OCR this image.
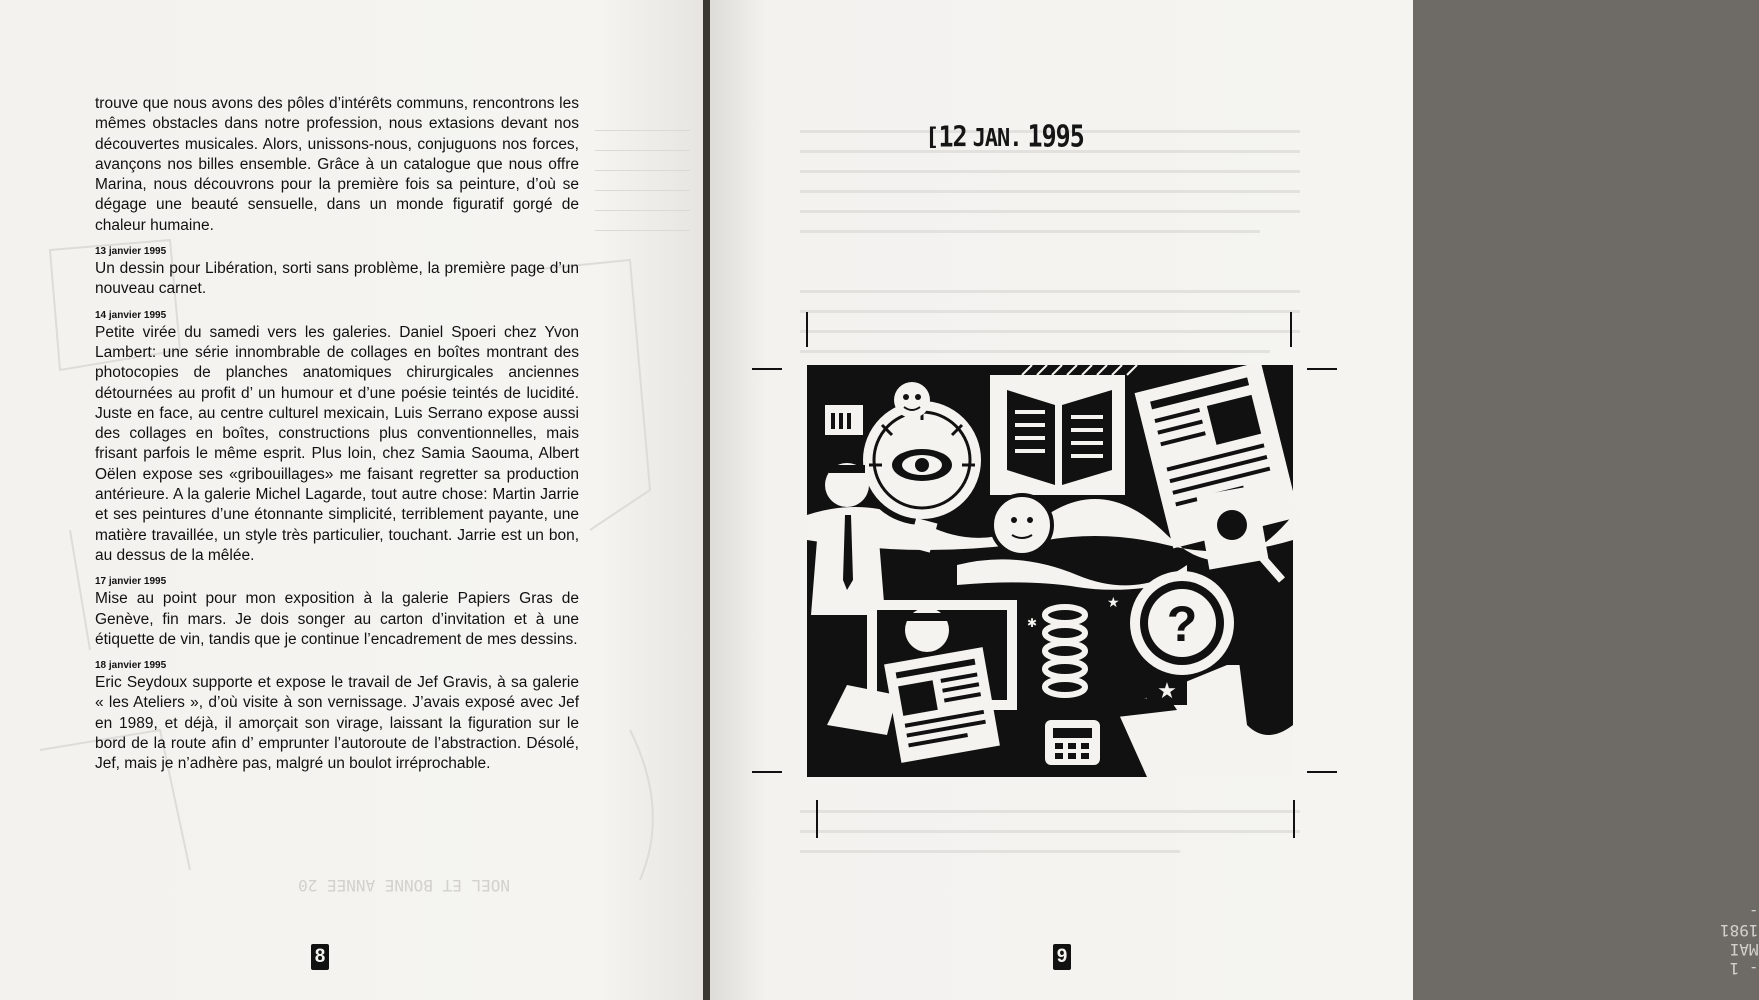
NOEL ET BONNE ANNEE 20

trouve que nous avons des pôles d’intérêts communs, rencontrons les mêmes obstacles dans notre profession, nous extasions devant nos découvertes musicales. Alors, unissons-nous, conjuguons nos forces, avançons nos billes ensemble. Grâce à un catalogue que nous offre Marina, nous découvrons pour la première fois sa peinture, d’où se dégage une beauté sensuelle, dans un monde figuratif gorgé de chaleur humaine.

13 janvier 1995

Un dessin pour Libération, sorti sans problème, la première page d’un nouveau carnet.

14 janvier 1995

Petite virée du samedi vers les galeries. Daniel Spoeri chez Yvon Lambert: une série innombrable de collages en boîtes montrant des photocopies de planches anatomiques chirurgicales anciennes détournées au profit d’ un humour et d’une poésie teintés de lucidité. Juste en face, au centre culturel mexicain, Luis Serrano expose aussi des collages en boîtes, constructions plus conventionnelles, mais frisant parfois le même esprit. Plus loin, chez Samia Saouma, Albert Oëlen expose ses «gribouillages» me faisant regretter sa production antérieure. A la galerie Michel Lagarde, tout autre chose: Martin Jarrie et ses peintures d’une étonnante simplicité, terriblement payante, une matière travaillée, un style très particulier, touchant. Jarrie est un bon, au dessus de la mêlée.

17 janvier 1995

Mise au point pour mon exposition à la galerie Papiers Gras de Genève, fin mars. Je dois songer au carton d’invitation et à une étiquette de vin, tandis que je continue l’encadrement de mes dessins.

18 janvier 1995

Eric Seydoux supporte et expose le travail de Jef Gravis, à sa galerie « les Ateliers », d’où visite à son vernissage. J’avais exposé avec Jef en 1989, et déjà, il amorçait son virage, laissant la figuration sur le bord de la route afin d’ emprunter l’autoroute de l’abstraction. Désolé, Jef, mais je n’adhère pas, malgré un boulot irréprochable.

8
- 1 MAI 1981 -
[12 JAN. 1995
?
★
★
✱
9
